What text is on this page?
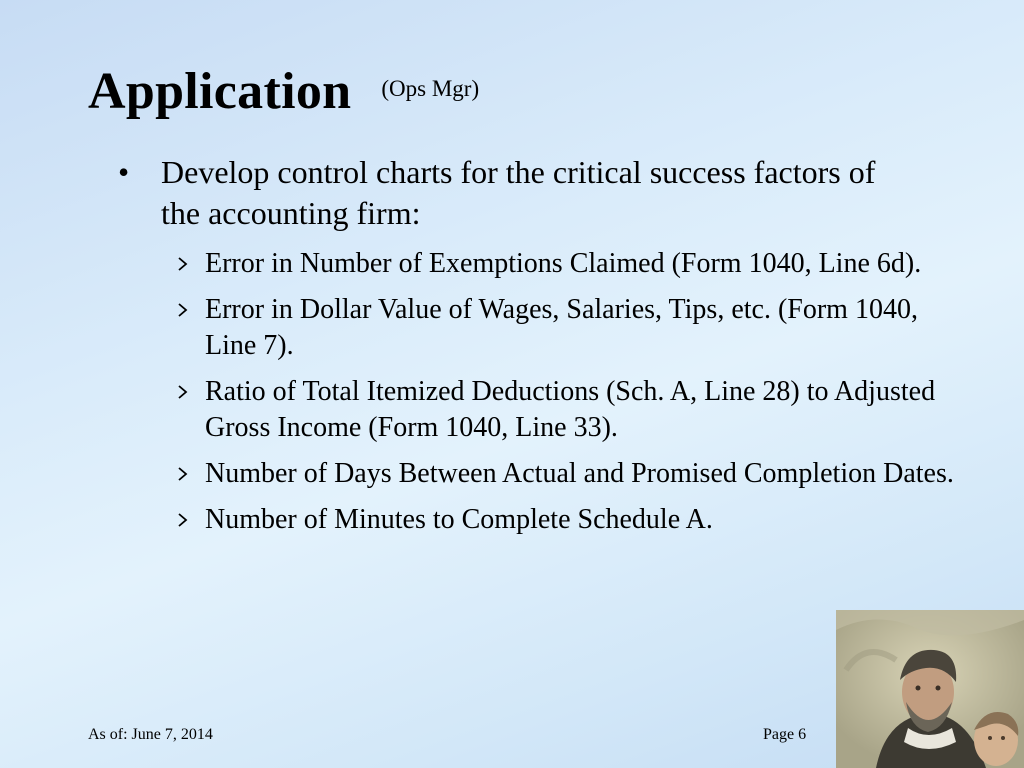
Application (Ops Mgr)
• Develop control charts for the critical success factors of the accounting firm:
Error in Number of Exemptions Claimed (Form 1040, Line 6d).
Error in Dollar Value of Wages, Salaries, Tips, etc. (Form 1040, Line 7).
Ratio of Total Itemized Deductions (Sch. A, Line 28) to Adjusted Gross Income (Form 1040, Line 33).
Number of Days Between Actual and Promised Completion Dates.
Number of Minutes to Complete Schedule A.
As of: June 7, 2014	Page 6
